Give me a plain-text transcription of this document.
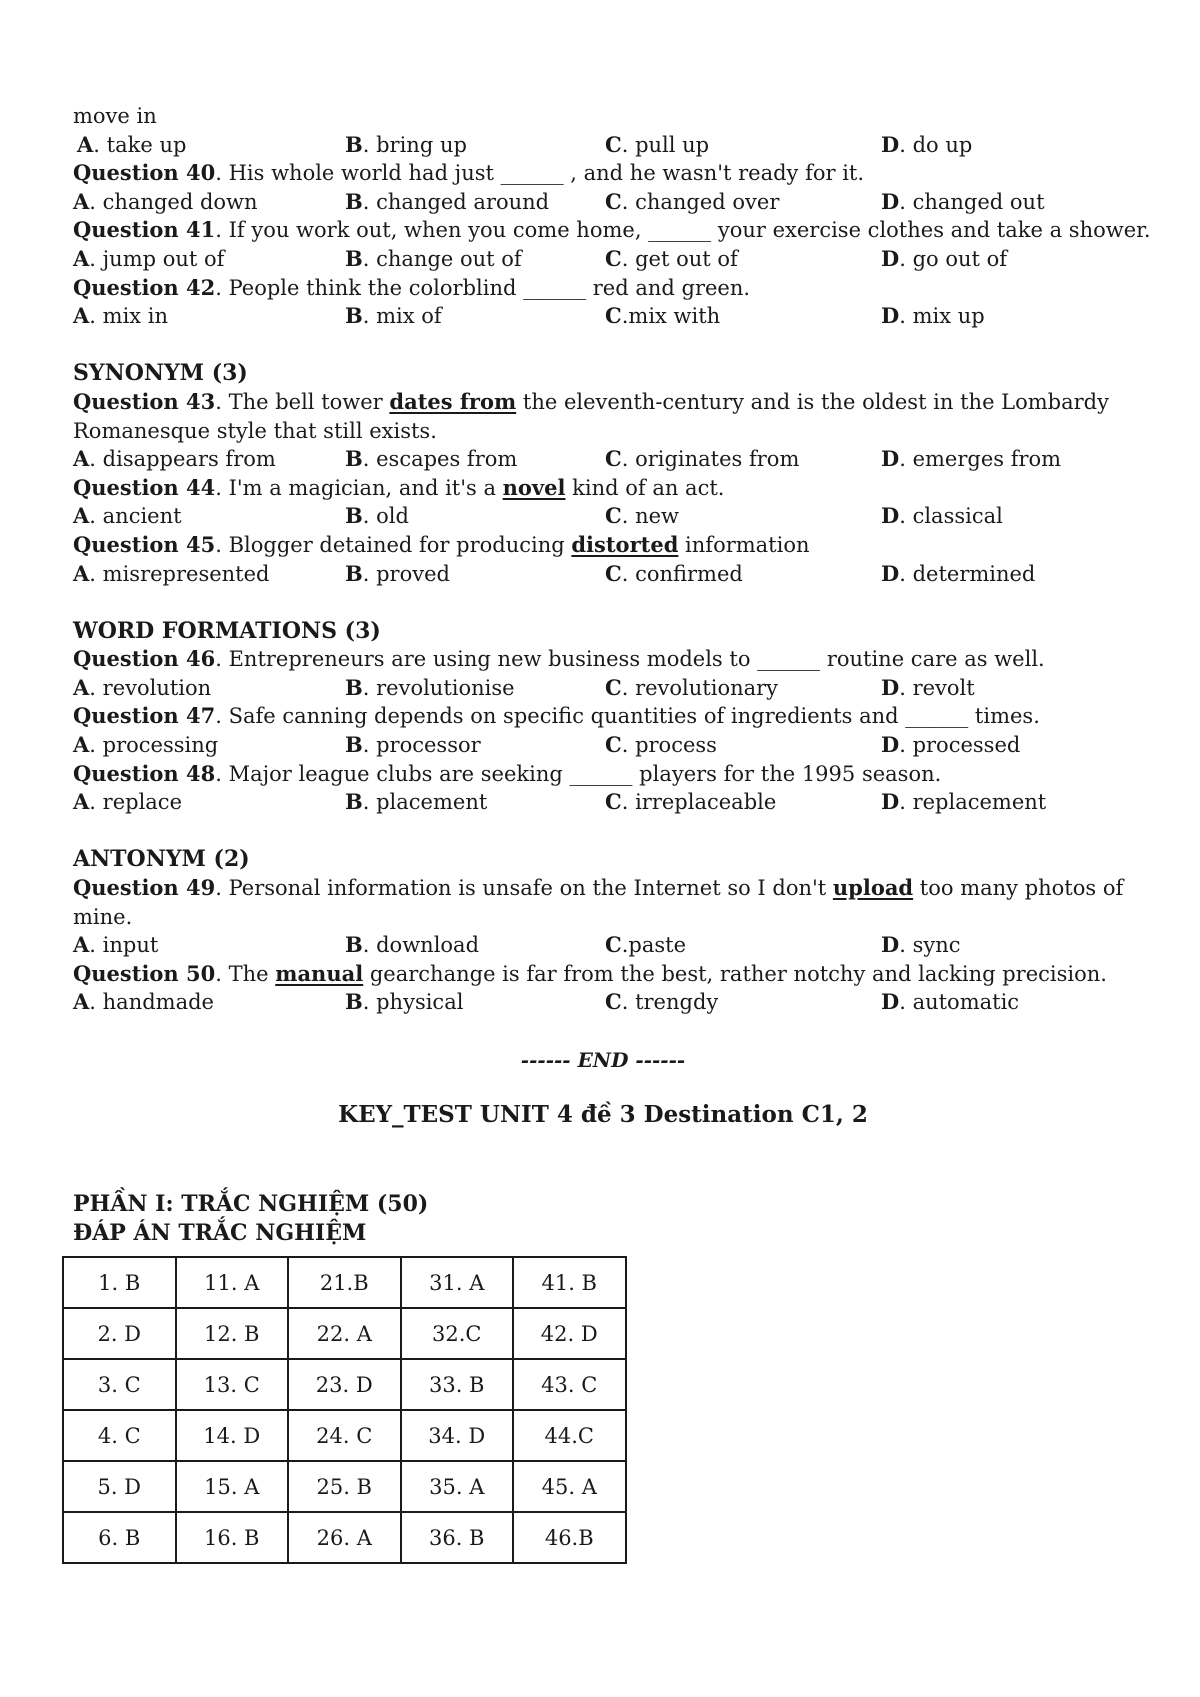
move in
A. take up	B. bring up	C. pull up	D. do up
Question 40. His whole world had just ______ , and he wasn't ready for it.
A. changed down	B. changed around	C. changed over	D. changed out
Question 41. If you work out, when you come home, ______ your exercise clothes and take a shower.
A. jump out of	B. change out of	C. get out of	D. go out of
Question 42. People think the colorblind ______ red and green.
A. mix in	B. mix of	C.mix with	D. mix up
SYNONYM (3)
Question 43. The bell tower dates from the eleventh-century and is the oldest in the Lombardy
Romanesque style that still exists.
A. disappears from	B. escapes from	C. originates from	D. emerges from
Question 44. I'm a magician, and it's a novel kind of an act.
A. ancient	B. old	C. new	D. classical
Question 45. Blogger detained for producing distorted information
A. misrepresented	B. proved	C. confirmed	D. determined
WORD FORMATIONS (3)
Question 46. Entrepreneurs are using new business models to ______ routine care as well.
A. revolution	B. revolutionise	C. revolutionary	D. revolt
Question 47. Safe canning depends on specific quantities of ingredients and ______ times.
A. processing	B. processor	C. process	D. processed
Question 48. Major league clubs are seeking ______ players for the 1995 season.
A. replace	B. placement	C. irreplaceable	D. replacement
ANTONYM (2)
Question 49. Personal information is unsafe on the Internet so I don't upload too many photos of
mine.
A. input	B. download	C.paste	D. sync
Question 50. The manual gearchange is far from the best, rather notchy and lacking precision.
A. handmade	B. physical	C. trengdy	D. automatic
------ END ------
KEY_TEST UNIT 4 đề 3 Destination C1, 2
PHẦN I: TRẮC NGHIỆM (50)
ĐÁP ÁN TRẮC NGHIỆM
1. B	11. A	21.B	31. A	41. B
2. D	12. B	22. A	32.C	42. D
3. C	13. C	23. D	33. B	43. C
4. C	14. D	24. C	34. D	44.C
5. D	15. A	25. B	35. A	45. A
6. B	16. B	26. A	36. B	46.B
